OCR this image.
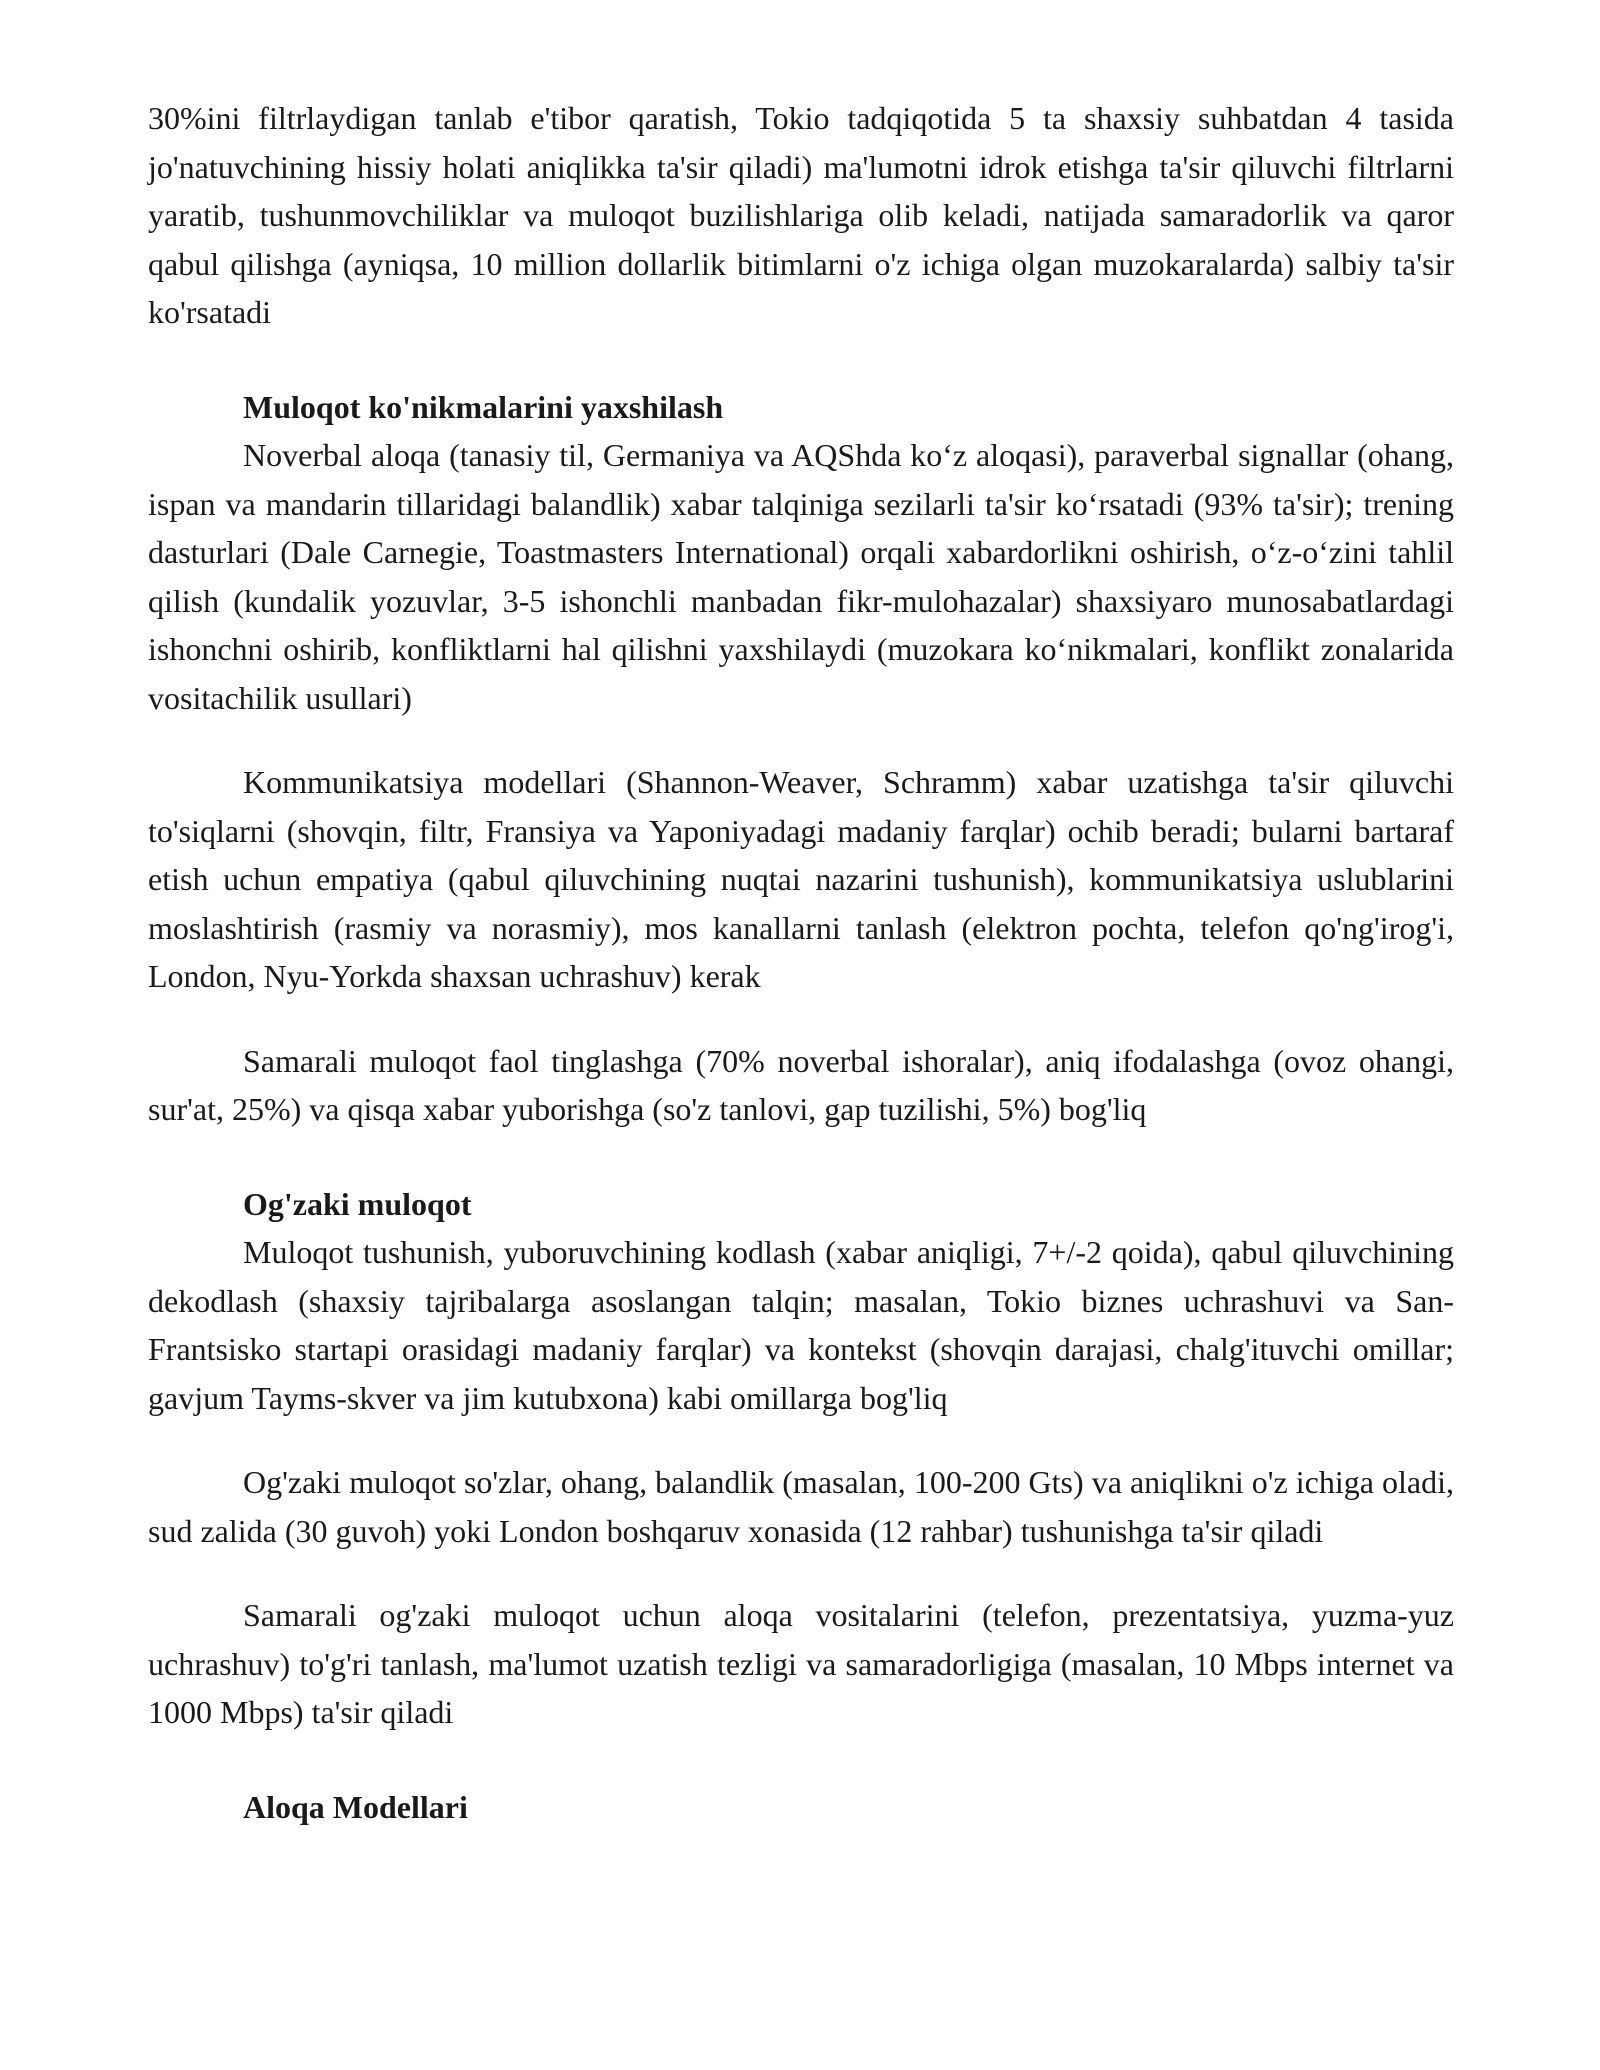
30%ini filtrlaydigan tanlab e'tibor qaratish, Tokio tadqiqotida 5 ta shaxsiy suhbatdan 4 tasida jo'natuvchining hissiy holati aniqlikka ta'sir qiladi) ma'lumotni idrok etishga ta'sir qiluvchi filtrlarni yaratib, tushunmovchiliklar va muloqot buzilishlariga olib keladi, natijada samaradorlik va qaror qabul qilishga (ayniqsa, 10 million dollarlik bitimlarni o'z ichiga olgan muzokaralarda) salbiy ta'sir ko'rsatadi

Muloqot ko'nikmalarini yaxshilash

Noverbal aloqa (tanasiy til, Germaniya va AQShda koʻz aloqasi), paraverbal signallar (ohang, ispan va mandarin tillaridagi balandlik) xabar talqiniga sezilarli ta'sir koʻrsatadi (93% ta'sir); trening dasturlari (Dale Carnegie, Toastmasters International) orqali xabardorlikni oshirish, oʻz-oʻzini tahlil qilish (kundalik yozuvlar, 3-5 ishonchli manbadan fikr-mulohazalar) shaxsiyaro munosabatlardagi ishonchni oshirib, konfliktlarni hal qilishni yaxshilaydi (muzokara koʻnikmalari, konflikt zonalarida vositachilik usullari)

Kommunikatsiya modellari (Shannon-Weaver, Schramm) xabar uzatishga ta'sir qiluvchi to'siqlarni (shovqin, filtr, Fransiya va Yaponiyadagi madaniy farqlar) ochib beradi; bularni bartaraf etish uchun empatiya (qabul qiluvchining nuqtai nazarini tushunish), kommunikatsiya uslublarini moslashtirish (rasmiy va norasmiy), mos kanallarni tanlash (elektron pochta, telefon qo'ng'irog'i, London, Nyu-Yorkda shaxsan uchrashuv) kerak

Samarali muloqot faol tinglashga (70% noverbal ishoralar), aniq ifodalashga (ovoz ohangi, sur'at, 25%) va qisqa xabar yuborishga (so'z tanlovi, gap tuzilishi, 5%) bog'liq

Og'zaki muloqot

Muloqot tushunish, yuboruvchining kodlash (xabar aniqligi, 7+/-2 qoida), qabul qiluvchining dekodlash (shaxsiy tajribalarga asoslangan talqin; masalan, Tokio biznes uchrashuvi va San-Frantsisko startapi orasidagi madaniy farqlar) va kontekst (shovqin darajasi, chalg'ituvchi omillar; gavjum Tayms-skver va jim kutubxona) kabi omillarga bog'liq

Og'zaki muloqot so'zlar, ohang, balandlik (masalan, 100-200 Gts) va aniqlikni o'z ichiga oladi, sud zalida (30 guvoh) yoki London boshqaruv xonasida (12 rahbar) tushunishga ta'sir qiladi

Samarali og'zaki muloqot uchun aloqa vositalarini (telefon, prezentatsiya, yuzma-yuz uchrashuv) to'g'ri tanlash, ma'lumot uzatish tezligi va samaradorligiga (masalan, 10 Mbps internet va 1000 Mbps) ta'sir qiladi

Aloqa Modellari
